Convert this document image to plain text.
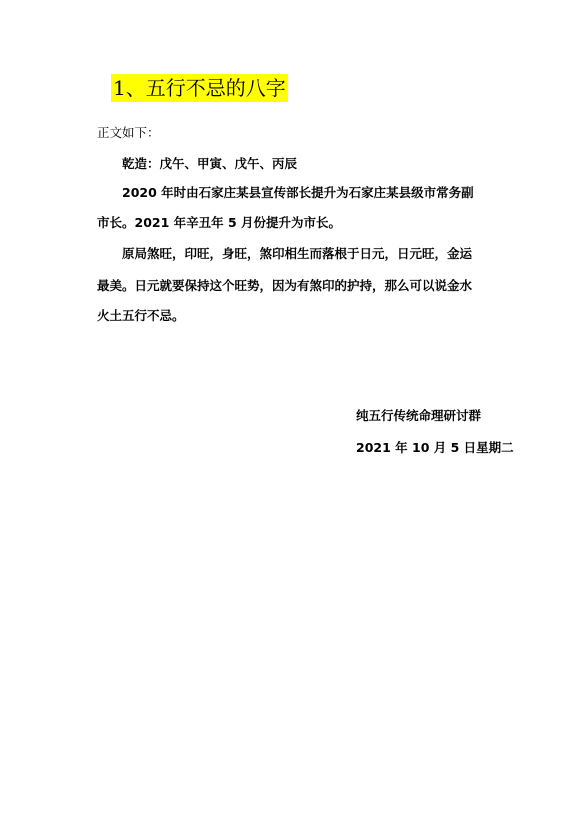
1、五行不忌的八字
正文如下：
乾造：戊午、甲寅、戊午、丙辰
2020 年时由石家庄某县宣传部长提升为石家庄某县级市常务副
市长。2021 年辛丑年 5 月份提升为市长。
原局煞旺，印旺，身旺，煞印相生而落根于日元，日元旺，金运
最美。日元就要保持这个旺势，因为有煞印的护持，那么可以说金水
火土五行不忌。
纯五行传统命理研讨群
2021 年 10 月 5 日星期二
